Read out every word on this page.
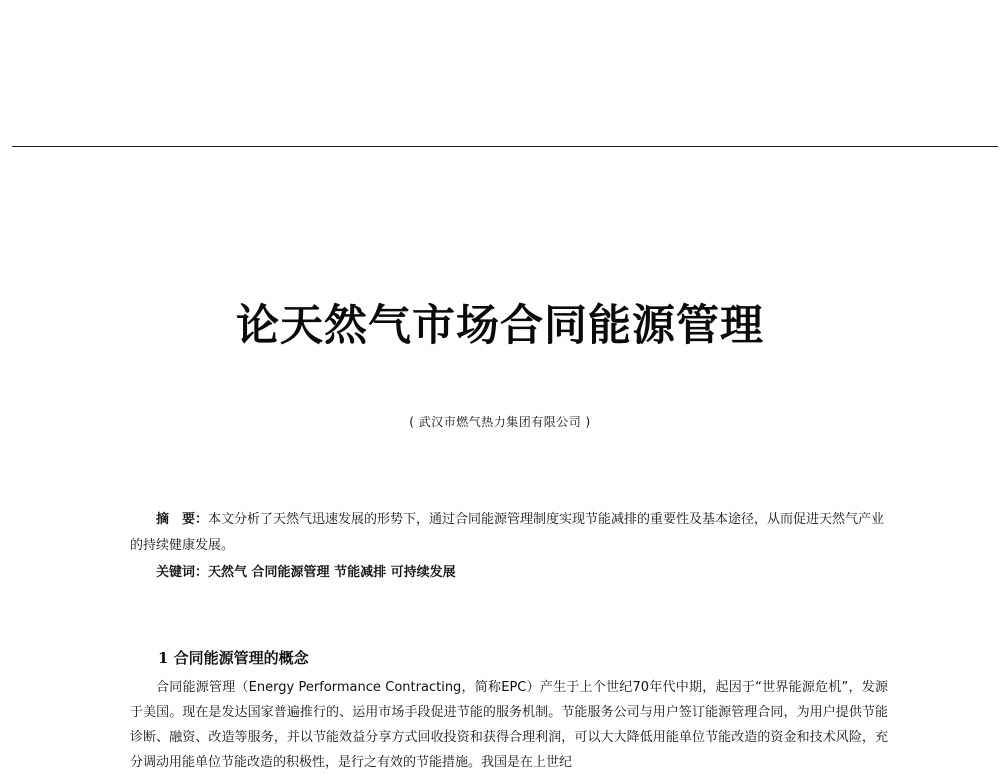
论天然气市场合同能源管理
( 武汉市燃气热力集团有限公司 )
摘　要：本文分析了天然气迅速发展的形势下，通过合同能源管理制度实现节能减排的重要性及基本途径，从而促进天然气产业的持续健康发展。
关键词：天然气 合同能源管理 节能减排 可持续发展
1 合同能源管理的概念
合同能源管理（Energy Performance Contracting，简称EPC）产生于上个世纪70年代中期，起因于“世界能源危机”，发源于美国。现在是发达国家普遍推行的、运用市场手段促进节能的服务机制。节能服务公司与用户签订能源管理合同，为用户提供节能诊断、融资、改造等服务，并以节能效益分享方式回收投资和获得合理利润，可以大大降低用能单位节能改造的资金和技术风险，充分调动用能单位节能改造的积极性，是行之有效的节能措施。我国是在上世纪
